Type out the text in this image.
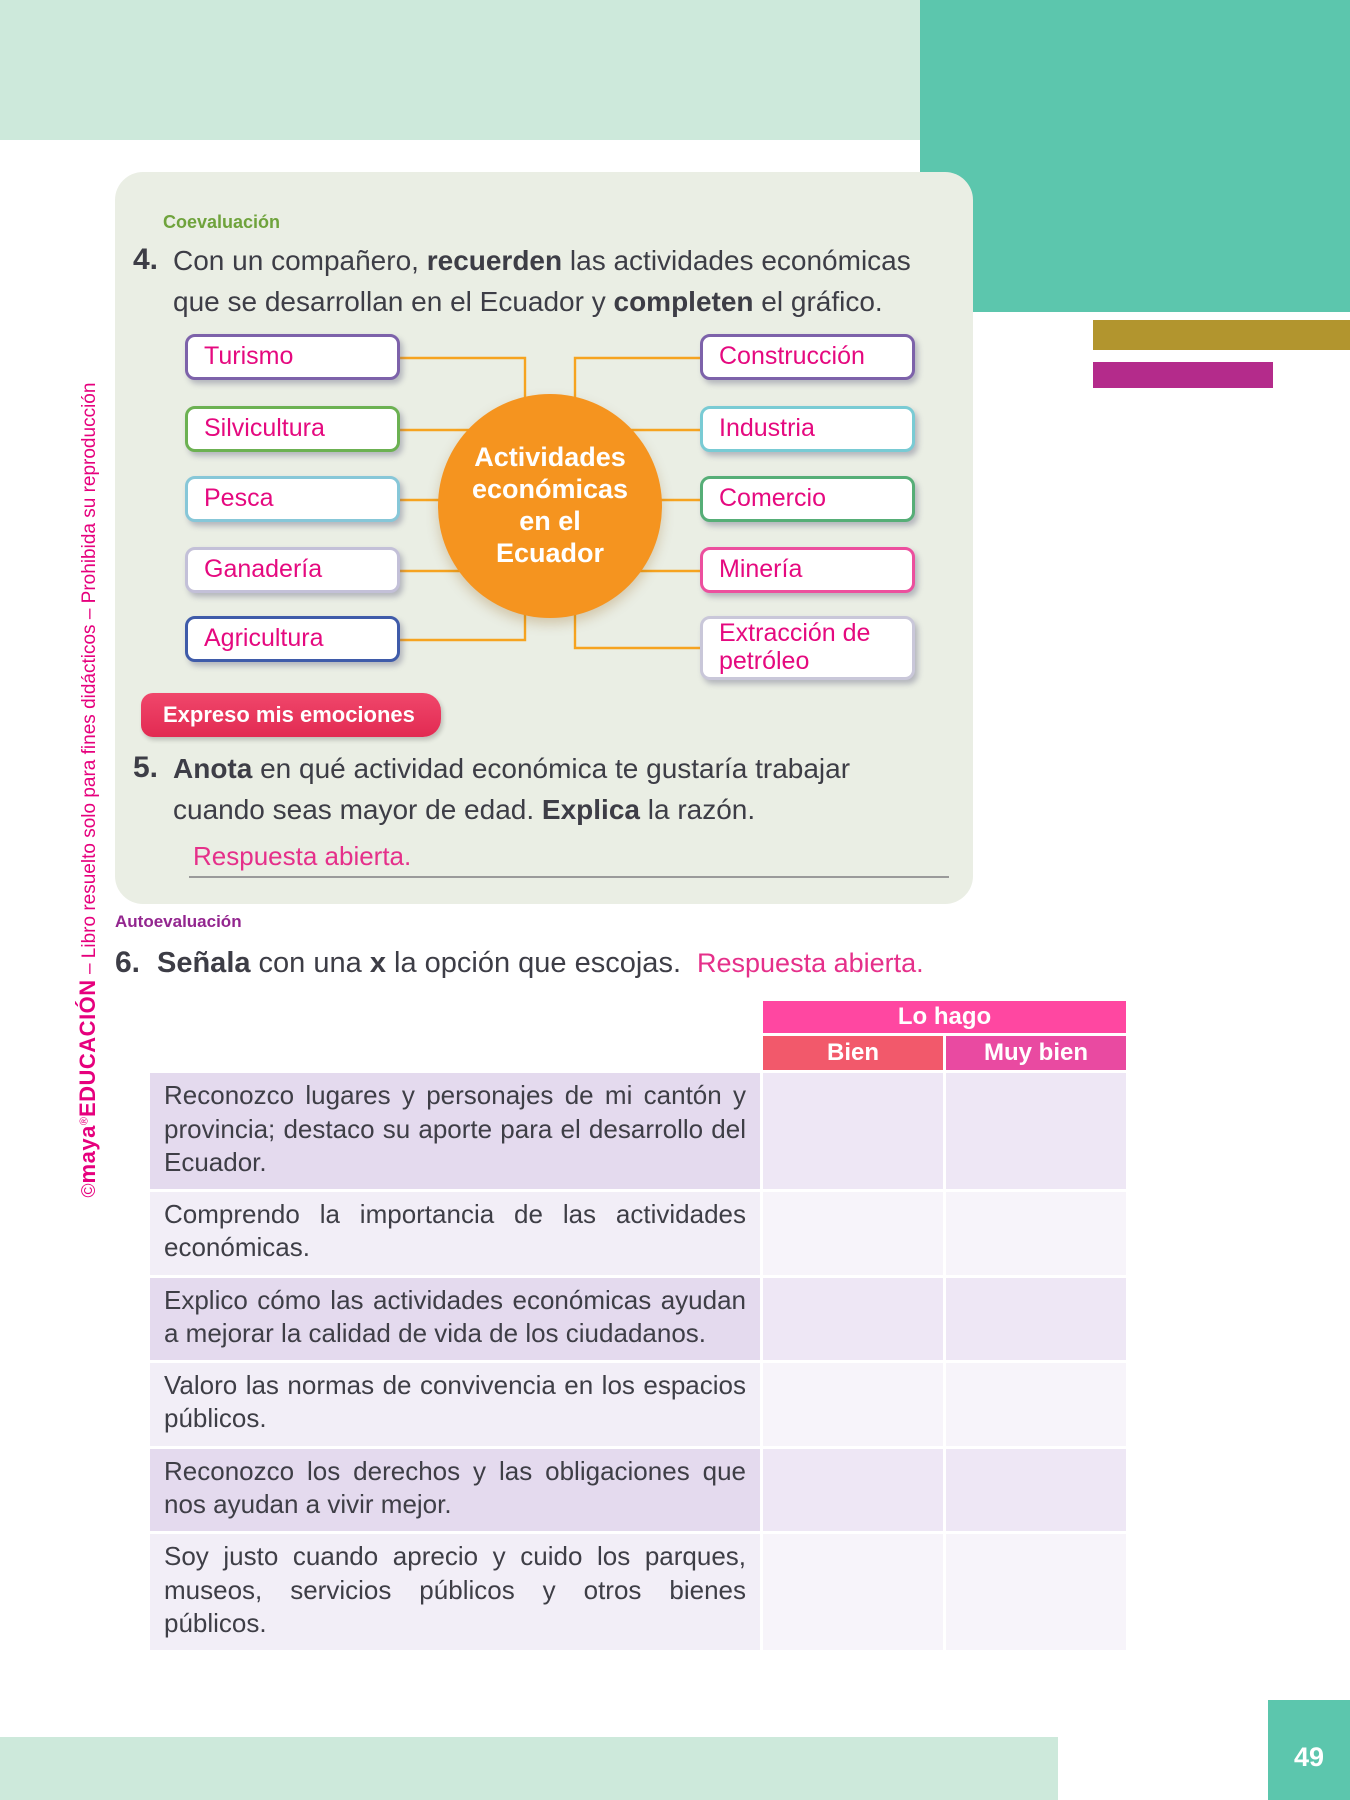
49
©maya®EDUCACIÓN – Libro resuelto solo para fines didácticos – Prohibida su reproducción
Coevaluación
4. Con un compañero, recuerden las actividades económicas que se desarrollan en el Ecuador y completen el gráfico.

Turismo
Silvicultura
Pesca
Ganadería
Agricultura
Construcción
Industria
Comercio
Minería
Extracción de petróleo
Actividades
económicas
en el
Ecuador
Expreso mis emociones
5. Anota en qué actividad económica te gustaría trabajar cuando seas mayor de edad. Explica la razón.

Respuesta abierta.
Autoevaluación
6. Señala con una x la opción que escojas. Respuesta abierta.
	Lo hago	
	Bien	Muy bien
Reconozco lugares y personajes de mi cantón y provincia; destaco su aporte para el desarrollo del Ecuador.		
Comprendo la importancia de las actividades económicas.		
Explico cómo las actividades económicas ayudan a mejorar la calidad de vida de los ciudadanos.		
Valoro las normas de convivencia en los espacios públicos.		
Reconozco los derechos y las obligaciones que nos ayudan a vivir mejor.		
Soy justo cuando aprecio y cuido los parques, museos, servicios públicos y otros bienes públicos.		
